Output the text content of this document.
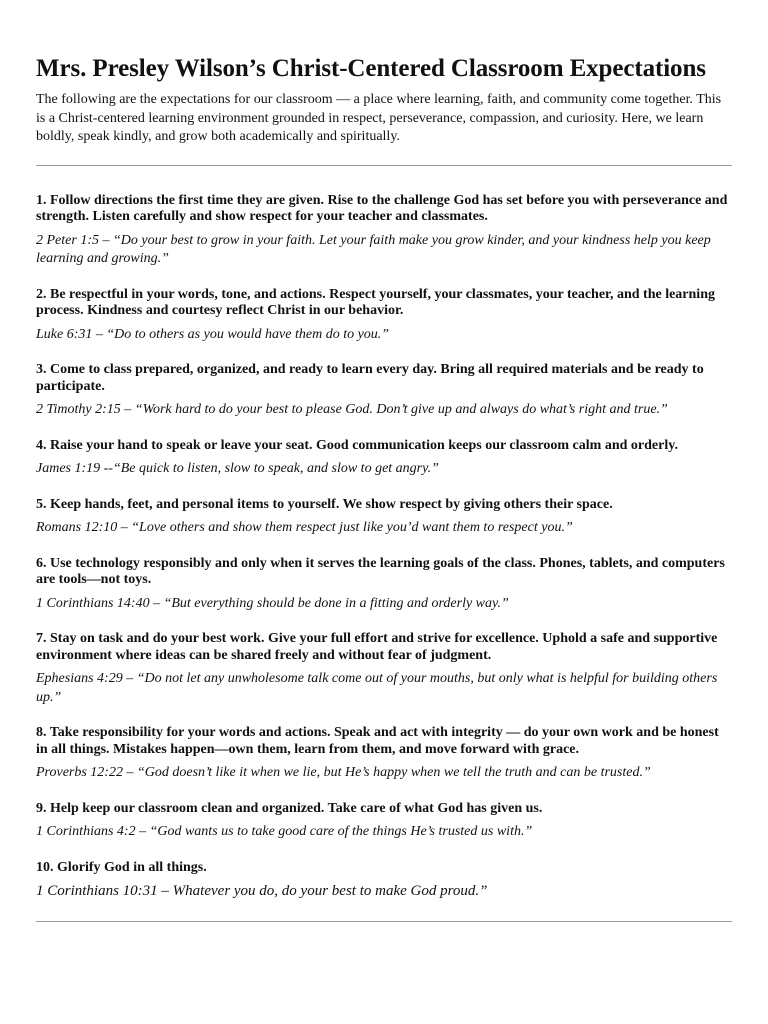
Mrs. Presley Wilson’s Christ-Centered Classroom Expectations

The following are the expectations for our classroom — a place where learning, faith, and community come together. This is a Christ-centered learning environment grounded in respect, perseverance, compassion, and curiosity. Here, we learn boldly, speak kindly, and grow both academically and spiritually.

1. Follow directions the first time they are given. Rise to the challenge God has set before you with perseverance and strength. Listen carefully and show respect for your teacher and classmates.

2 Peter 1:5 – “Do your best to grow in your faith. Let your faith make you grow kinder, and your kindness help you keep learning and growing.”

2. Be respectful in your words, tone, and actions. Respect yourself, your classmates, your teacher, and the learning process. Kindness and courtesy reflect Christ in our behavior.

Luke 6:31 – “Do to others as you would have them do to you.”

3. Come to class prepared, organized, and ready to learn every day. Bring all required materials and be ready to participate.

2 Timothy 2:15 – “Work hard to do your best to please God. Don’t give up and always do what’s right and true.”

4. Raise your hand to speak or leave your seat. Good communication keeps our classroom calm and orderly.

James 1:19 --“Be quick to listen, slow to speak, and slow to get angry.”

5. Keep hands, feet, and personal items to yourself. We show respect by giving others their space.

Romans 12:10 – “Love others and show them respect just like you’d want them to respect you.”

6. Use technology responsibly and only when it serves the learning goals of the class. Phones, tablets, and computers are tools—not toys.

1 Corinthians 14:40 – “But everything should be done in a fitting and orderly way.”

7. Stay on task and do your best work. Give your full effort and strive for excellence. Uphold a safe and supportive environment where ideas can be shared freely and without fear of judgment.

Ephesians 4:29 – “Do not let any unwholesome talk come out of your mouths, but only what is helpful for building others up.”

8. Take responsibility for your words and actions. Speak and act with integrity — do your own work and be honest in all things. Mistakes happen—own them, learn from them, and move forward with grace.

Proverbs 12:22 – “God doesn’t like it when we lie, but He’s happy when we tell the truth and can be trusted.”

9. Help keep our classroom clean and organized. Take care of what God has given us.

1 Corinthians 4:2 – “God wants us to take good care of the things He’s trusted us with.”

10. Glorify God in all things.

1 Corinthians 10:31 – Whatever you do, do your best to make God proud.”
